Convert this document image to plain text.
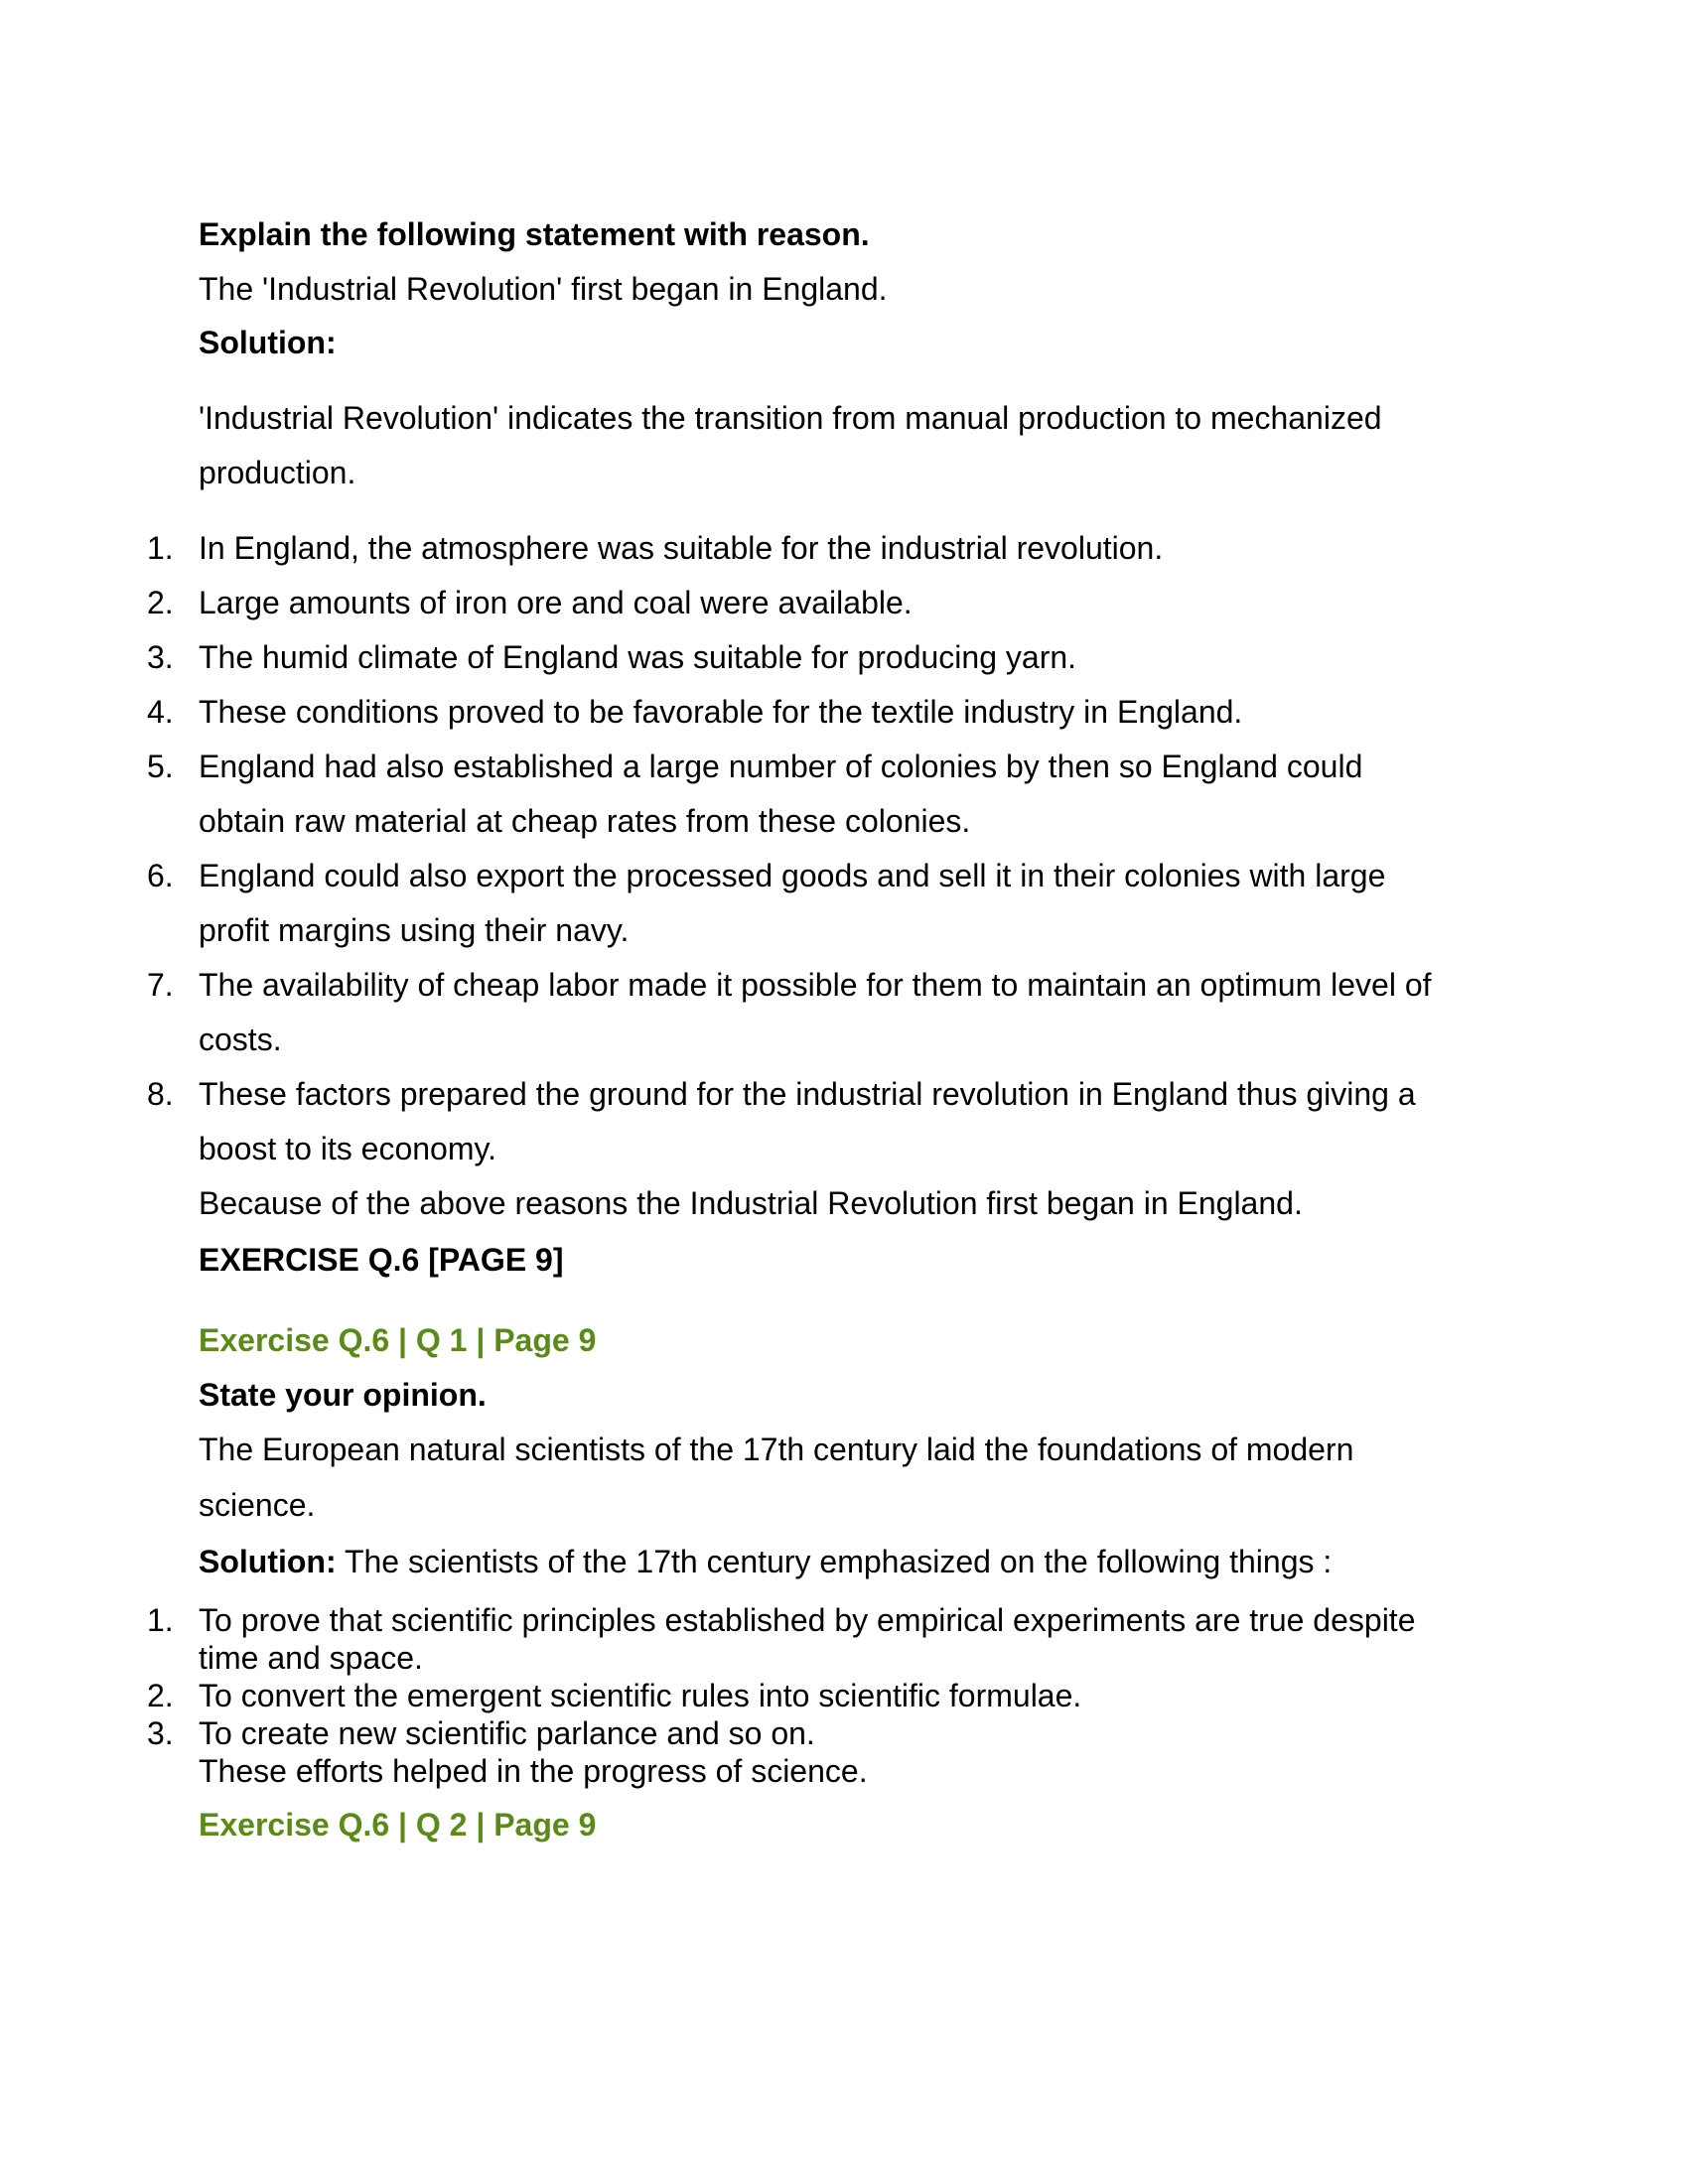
Explain the following statement with reason.
The 'Industrial Revolution' first began in England.
Solution:
'Industrial Revolution' indicates the transition from manual production to mechanized
production.
1. In England, the atmosphere was suitable for the industrial revolution.
2. Large amounts of iron ore and coal were available.
3. The humid climate of England was suitable for producing yarn.
4. These conditions proved to be favorable for the textile industry in England.
5. England had also established a large number of colonies by then so England could
obtain raw material at cheap rates from these colonies.
6. England could also export the processed goods and sell it in their colonies with large
profit margins using their navy.
7. The availability of cheap labor made it possible for them to maintain an optimum level of
costs.
8. These factors prepared the ground for the industrial revolution in England thus giving a
boost to its economy.
Because of the above reasons the Industrial Revolution first began in England.
EXERCISE Q.6 [PAGE 9]
Exercise Q.6 | Q 1 | Page 9
State your opinion.
The European natural scientists of the 17th century laid the foundations of modern
science.
Solution: The scientists of the 17th century emphasized on the following things :
1. To prove that scientific principles established by empirical experiments are true despite
time and space.
2. To convert the emergent scientific rules into scientific formulae.
3. To create new scientific parlance and so on.
These efforts helped in the progress of science.
Exercise Q.6 | Q 2 | Page 9
